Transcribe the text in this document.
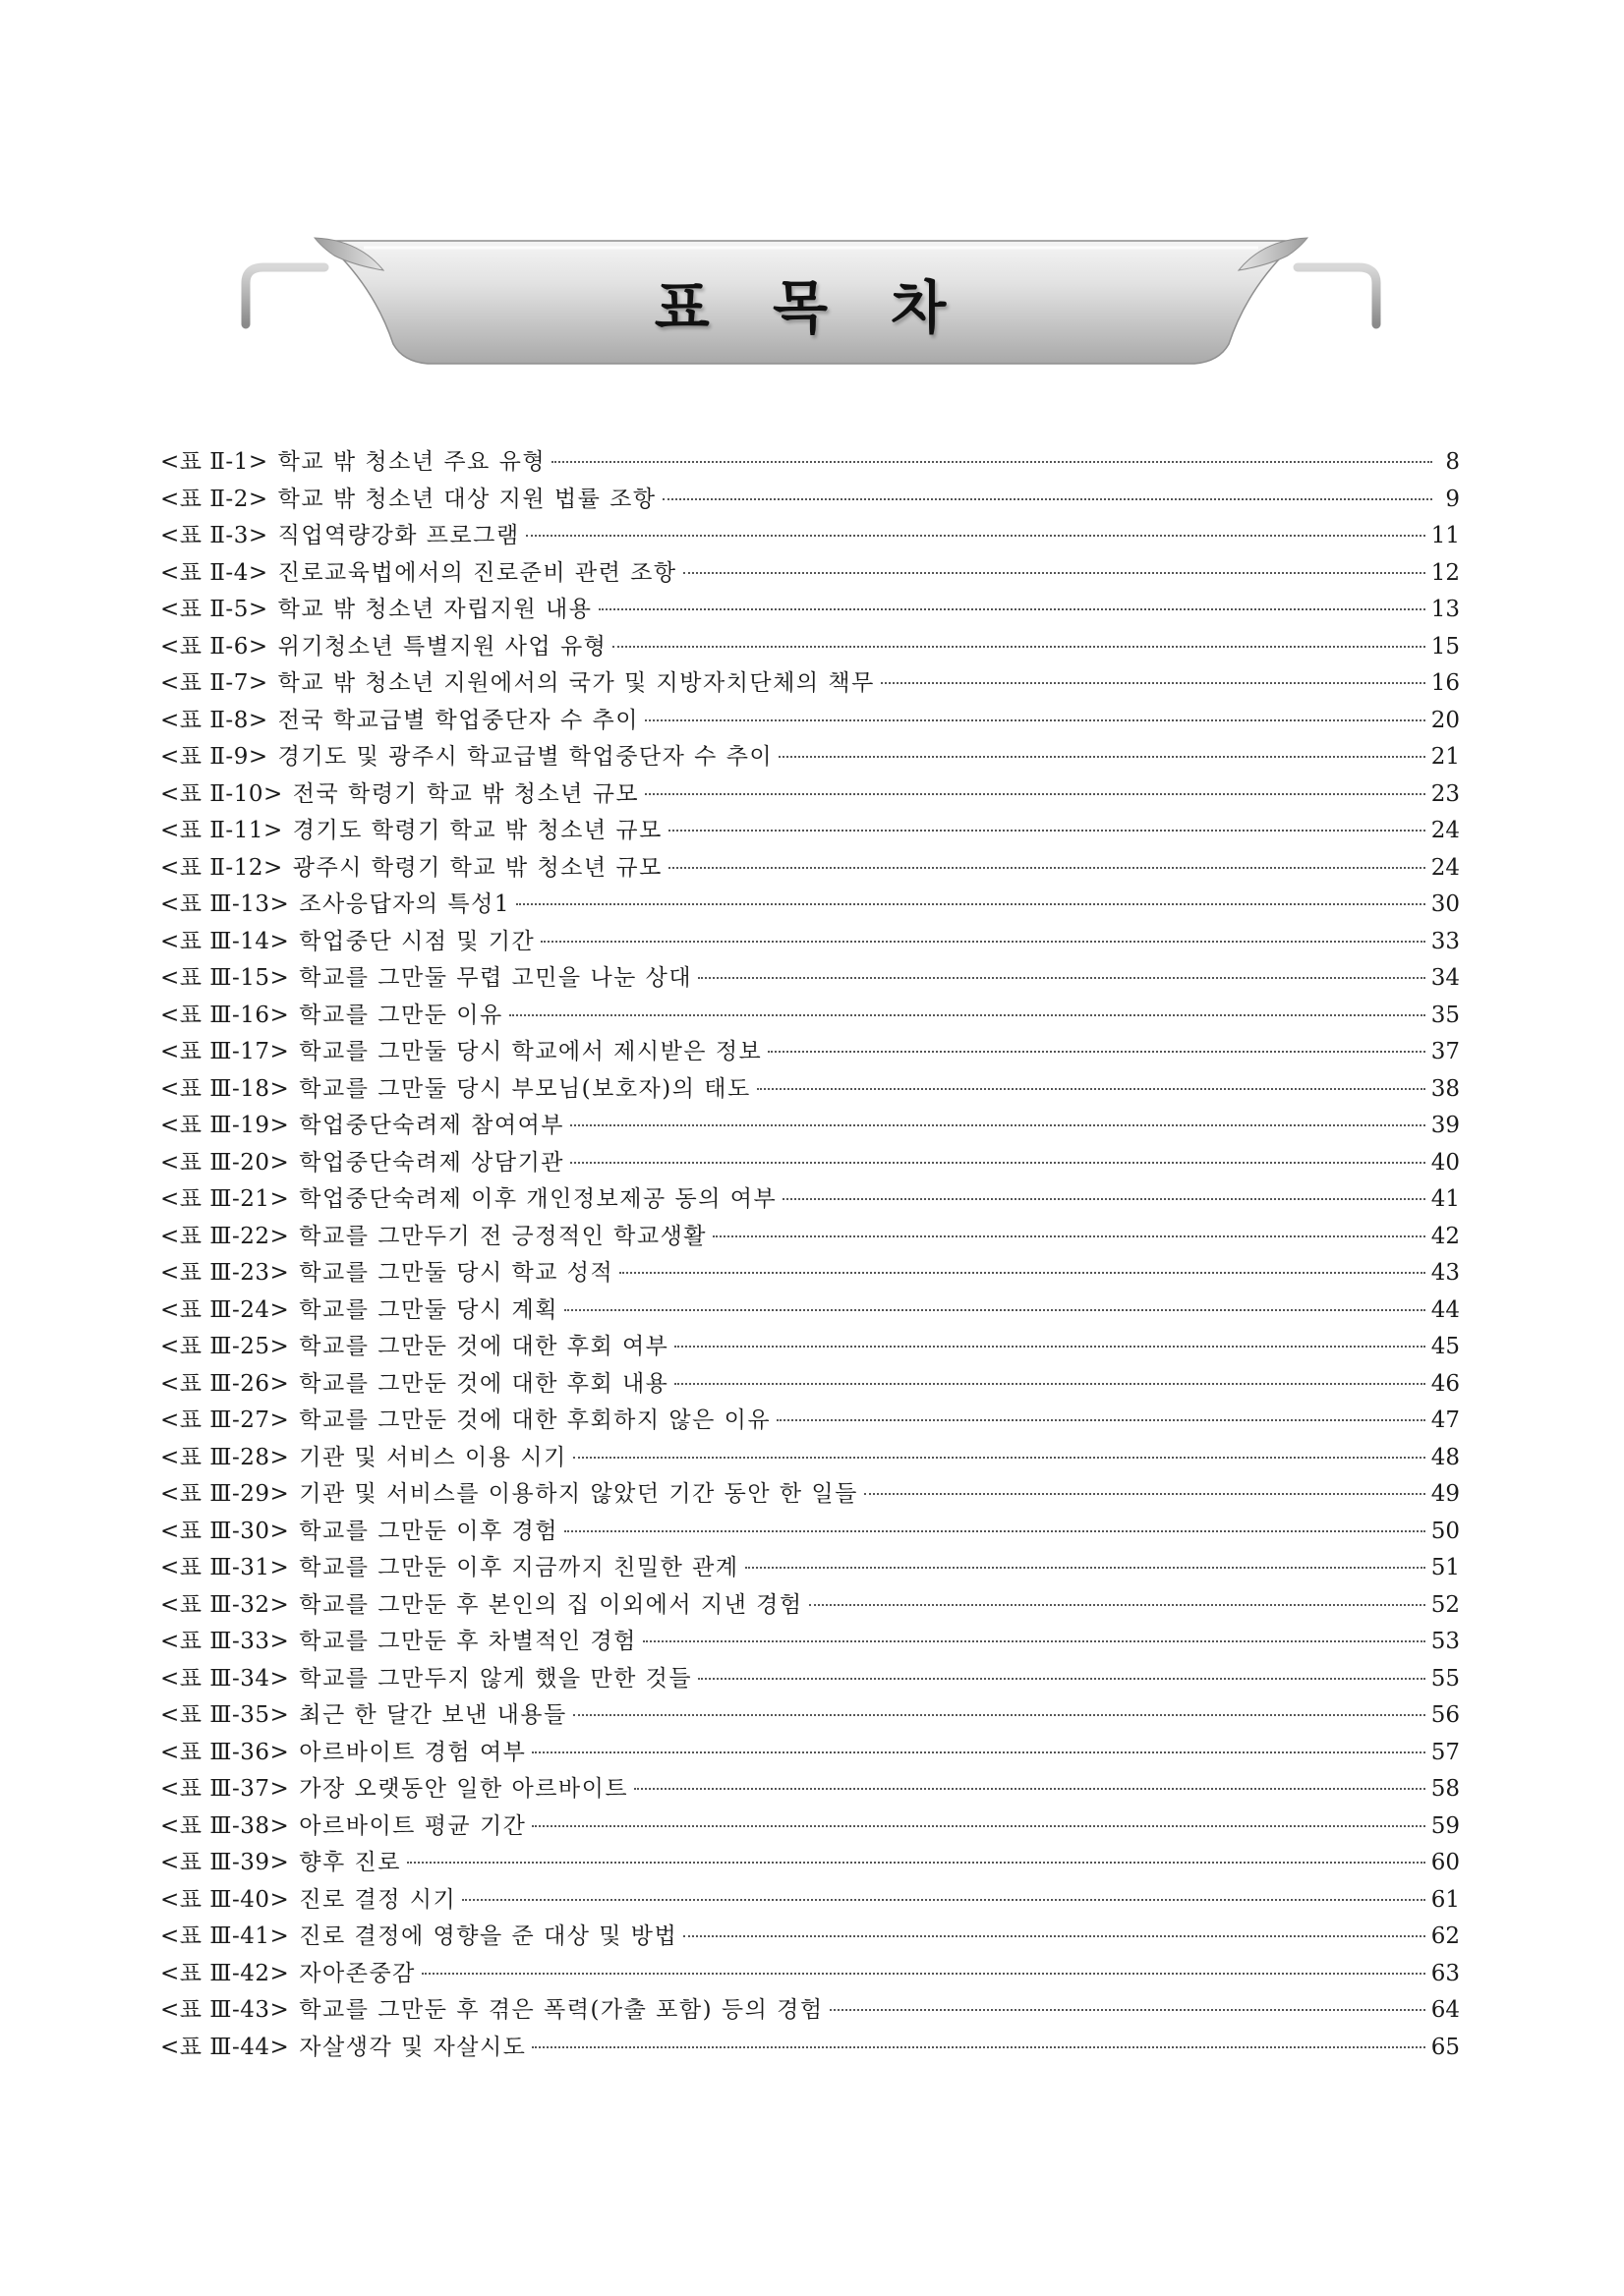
표 목 차
<표 Ⅱ-1> 학교 밖 청소년 주요 유형	8
<표 Ⅱ-2> 학교 밖 청소년 대상 지원 법률 조항	9
<표 Ⅱ-3> 직업역량강화 프로그램	11
<표 Ⅱ-4> 진로교육법에서의 진로준비 관련 조항	12
<표 Ⅱ-5> 학교 밖 청소년 자립지원 내용	13
<표 Ⅱ-6> 위기청소년 특별지원 사업 유형	15
<표 Ⅱ-7> 학교 밖 청소년 지원에서의 국가 및 지방자치단체의 책무	16
<표 Ⅱ-8> 전국 학교급별 학업중단자 수 추이	20
<표 Ⅱ-9> 경기도 및 광주시 학교급별 학업중단자 수 추이	21
<표 Ⅱ-10> 전국 학령기 학교 밖 청소년 규모	23
<표 Ⅱ-11> 경기도 학령기 학교 밖 청소년 규모	24
<표 Ⅱ-12> 광주시 학령기 학교 밖 청소년 규모	24
<표 Ⅲ-13> 조사응답자의 특성1	30
<표 Ⅲ-14> 학업중단 시점 및 기간	33
<표 Ⅲ-15> 학교를 그만둘 무렵 고민을 나눈 상대	34
<표 Ⅲ-16> 학교를 그만둔 이유	35
<표 Ⅲ-17> 학교를 그만둘 당시 학교에서 제시받은 정보	37
<표 Ⅲ-18> 학교를 그만둘 당시 부모님(보호자)의 태도	38
<표 Ⅲ-19> 학업중단숙려제 참여여부	39
<표 Ⅲ-20> 학업중단숙려제 상담기관	40
<표 Ⅲ-21> 학업중단숙려제 이후 개인정보제공 동의 여부	41
<표 Ⅲ-22> 학교를 그만두기 전 긍정적인 학교생활	42
<표 Ⅲ-23> 학교를 그만둘 당시 학교 성적	43
<표 Ⅲ-24> 학교를 그만둘 당시 계획	44
<표 Ⅲ-25> 학교를 그만둔 것에 대한 후회 여부	45
<표 Ⅲ-26> 학교를 그만둔 것에 대한 후회 내용	46
<표 Ⅲ-27> 학교를 그만둔 것에 대한 후회하지 않은 이유	47
<표 Ⅲ-28> 기관 및 서비스 이용 시기	48
<표 Ⅲ-29> 기관 및 서비스를 이용하지 않았던 기간 동안 한 일들	49
<표 Ⅲ-30> 학교를 그만둔 이후 경험	50
<표 Ⅲ-31> 학교를 그만둔 이후 지금까지 친밀한 관계	51
<표 Ⅲ-32> 학교를 그만둔 후 본인의 집 이외에서 지낸 경험	52
<표 Ⅲ-33> 학교를 그만둔 후 차별적인 경험	53
<표 Ⅲ-34> 학교를 그만두지 않게 했을 만한 것들	55
<표 Ⅲ-35> 최근 한 달간 보낸 내용들	56
<표 Ⅲ-36> 아르바이트 경험 여부	57
<표 Ⅲ-37> 가장 오랫동안 일한 아르바이트	58
<표 Ⅲ-38> 아르바이트 평균 기간	59
<표 Ⅲ-39> 향후 진로	60
<표 Ⅲ-40> 진로 결정 시기	61
<표 Ⅲ-41> 진로 결정에 영향을 준 대상 및 방법	62
<표 Ⅲ-42> 자아존중감	63
<표 Ⅲ-43> 학교를 그만둔 후 겪은 폭력(가출 포함) 등의 경험	64
<표 Ⅲ-44> 자살생각 및 자살시도	65
